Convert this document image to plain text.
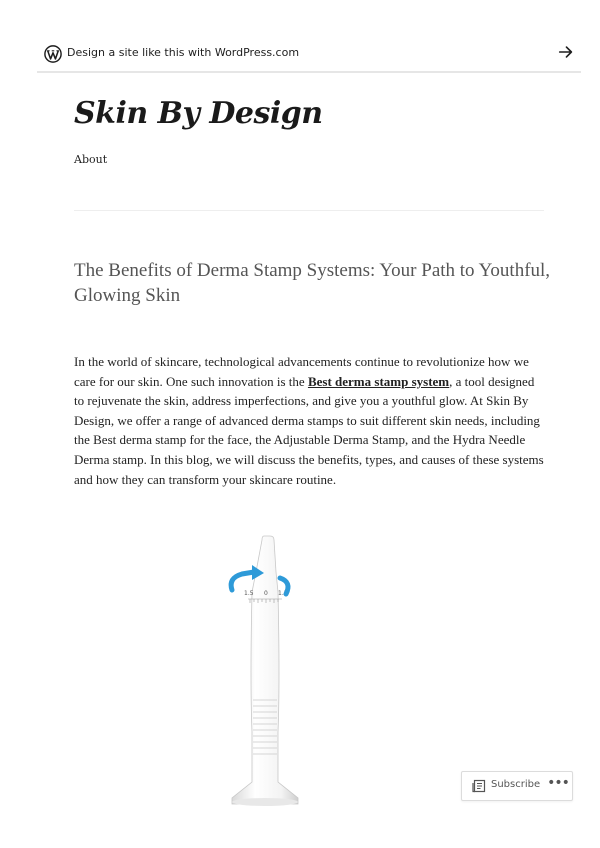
Design a site like this with WordPress.com
Skin By Design
About
The Benefits of Derma Stamp Systems: Your Path to Youthful, Glowing Skin

In the world of skincare, technological advancements continue to revolutionize how we care for our skin. One such innovation is the Best derma stamp system, a tool designed to rejuvenate the skin, address imperfections, and give you a youthful glow. At Skin By Design, we offer a range of advanced derma stamps to suit different skin needs, including the Best derma stamp for the face, the Adjustable Derma Stamp, and the Hydra Needle Derma stamp. In this blog, we will discuss the benefits, types, and causes of these systems and how they can transform your skincare routine.

1.5 0 1.5
Subscribe •••
